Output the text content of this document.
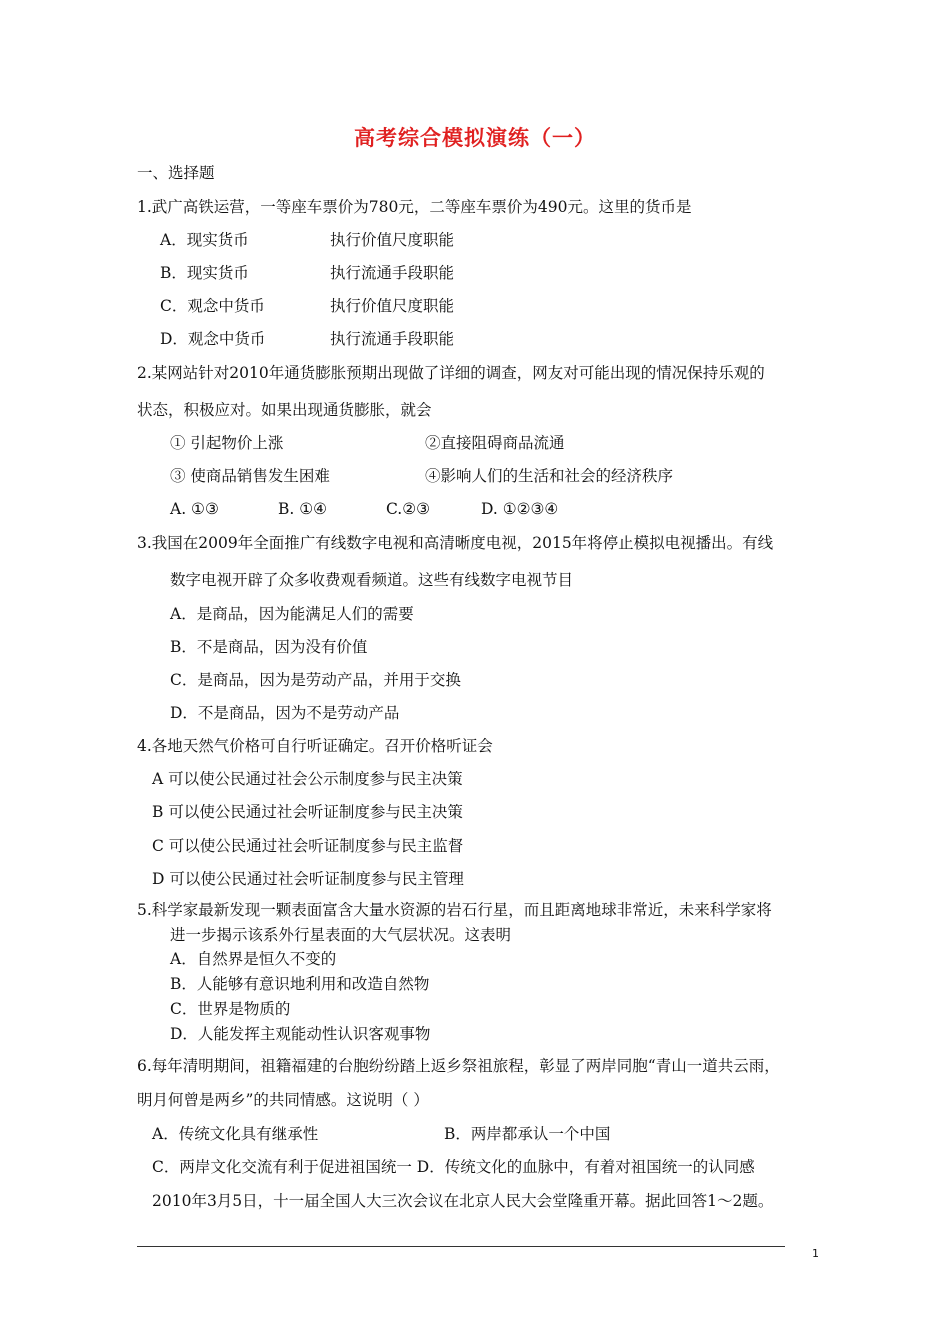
高考综合模拟演练（一）
一、选择题
1.武广高铁运营，一等座车票价为780元，二等座车票价为490元。这里的货币是
A．现实货币	执行价值尺度职能
B．现实货币	执行流通手段职能
C．观念中货币	执行价值尺度职能
D．观念中货币	执行流通手段职能
2.某网站针对2010年通货膨胀预期出现做了详细的调查，网友对可能出现的情况保持乐观的
状态，积极应对。如果出现通货膨胀，就会
① 引起物价上涨	②直接阻碍商品流通
③ 使商品销售发生困难	④影响人们的生活和社会的经济秩序
A. ①③	B. ①④	C.②③	D. ①②③④
3.我国在2009年全面推广有线数字电视和高清晰度电视，2015年将停止模拟电视播出。有线
数字电视开辟了众多收费观看频道。这些有线数字电视节目
A．是商品，因为能满足人们的需要
B．不是商品，因为没有价值
C．是商品，因为是劳动产品，并用于交换
D．不是商品，因为不是劳动产品
4.各地天然气价格可自行听证确定。召开价格听证会
A 可以使公民通过社会公示制度参与民主决策
B 可以使公民通过社会听证制度参与民主决策
C 可以使公民通过社会听证制度参与民主监督
D 可以使公民通过社会听证制度参与民主管理
5.科学家最新发现一颗表面富含大量水资源的岩石行星，而且距离地球非常近，未来科学家将
进一步揭示该系外行星表面的大气层状况。这表明
A．自然界是恒久不变的
B．人能够有意识地利用和改造自然物
C．世界是物质的
D．人能发挥主观能动性认识客观事物
6.每年清明期间，祖籍福建的台胞纷纷踏上返乡祭祖旅程，彰显了两岸同胞“青山一道共云雨，
明月何曾是两乡”的共同情感。这说明（ ）
A．传统文化具有继承性	B．两岸都承认一个中国
C．两岸文化交流有利于促进祖国统一 D．传统文化的血脉中，有着对祖国统一的认同感
2010年3月5日，十一届全国人大三次会议在北京人民大会堂隆重开幕。据此回答1～2题。
1
